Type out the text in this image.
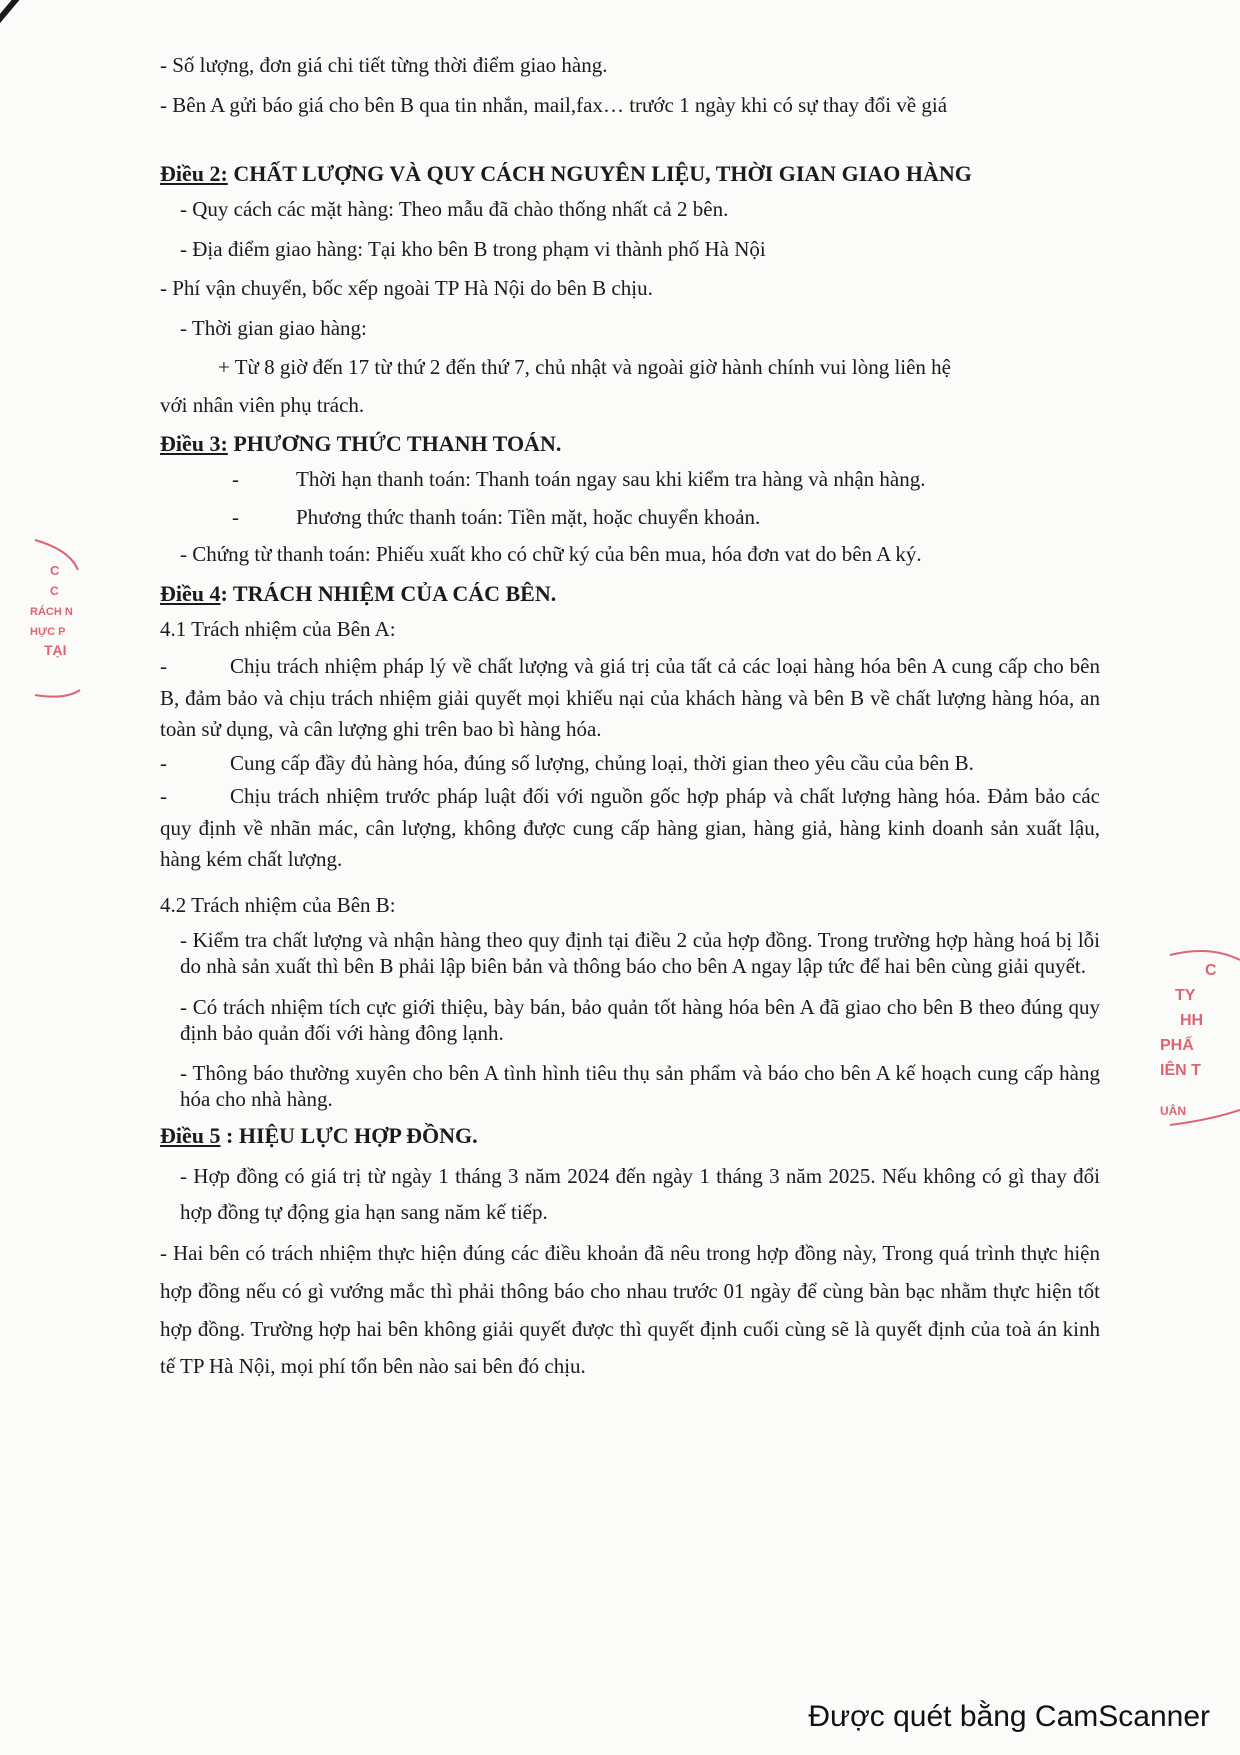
C
C
RÁCH N
HỰC P
TẠI
C
TY
HH
PHẨ
IÊN T
UÂN
- Số lượng, đơn giá chi tiết từng thời điểm giao hàng.
- Bên A gửi báo giá cho bên B qua tin nhắn, mail,fax… trước 1 ngày khi có sự thay đổi về giá
Điều 2: CHẤT LƯỢNG VÀ QUY CÁCH NGUYÊN LIỆU, THỜI GIAN GIAO HÀNG
- Quy cách các mặt hàng: Theo mẫu đã chào thống nhất cả 2 bên.
- Địa điểm giao hàng: Tại kho bên B trong phạm vi thành phố Hà Nội
- Phí vận chuyển, bốc xếp ngoài TP Hà Nội do bên B chịu.
- Thời gian giao hàng:
+ Từ 8 giờ đến 17 từ thứ 2 đến thứ 7, chủ nhật và ngoài giờ hành chính vui lòng liên hệ
với nhân viên phụ trách.
Điều 3: PHƯƠNG THỨC THANH TOÁN.
-	Thời hạn thanh toán: Thanh toán ngay sau khi kiểm tra hàng và nhận hàng.
-	Phương thức thanh toán: Tiền mặt, hoặc chuyển khoản.
- Chứng từ thanh toán: Phiếu xuất kho có chữ ký của bên mua, hóa đơn vat do bên A ký.
Điều 4: TRÁCH NHIỆM CỦA CÁC BÊN.
4.1 Trách nhiệm của Bên A:
-	Chịu trách nhiệm pháp lý về chất lượng và giá trị của tất cả các loại hàng hóa bên A cung cấp cho bên B, đảm bảo và chịu trách nhiệm giải quyết mọi khiếu nại của khách hàng và bên B về chất lượng hàng hóa, an toàn sử dụng, và cân lượng ghi trên bao bì hàng hóa.
-	Cung cấp đầy đủ hàng hóa, đúng số lượng, chủng loại, thời gian theo yêu cầu của bên B.
-	Chịu trách nhiệm trước pháp luật đối với nguồn gốc hợp pháp và chất lượng hàng hóa. Đảm bảo các quy định về nhãn mác, cân lượng, không được cung cấp hàng gian, hàng giả, hàng kinh doanh sản xuất lậu, hàng kém chất lượng.
4.2 Trách nhiệm của Bên B:
- Kiểm tra chất lượng và nhận hàng theo quy định tại điều 2 của hợp đồng. Trong trường hợp hàng hoá bị lỗi do nhà sản xuất thì bên B phải lập biên bản và thông báo cho bên A ngay lập tức để hai bên cùng giải quyết.
- Có trách nhiệm tích cực giới thiệu, bày bán, bảo quản tốt hàng hóa bên A đã giao cho bên B theo đúng quy định bảo quản đối với hàng đông lạnh.
- Thông báo thường xuyên cho bên A tình hình tiêu thụ sản phẩm và báo cho bên A kế hoạch cung cấp hàng hóa cho nhà hàng.
Điều 5 : HIỆU LỰC HỢP ĐỒNG.
- Hợp đồng có giá trị từ ngày 1 tháng 3 năm 2024 đến ngày 1 tháng 3 năm 2025. Nếu không có gì thay đổi hợp đồng tự động gia hạn sang năm kế tiếp.
- Hai bên có trách nhiệm thực hiện đúng các điều khoản đã nêu trong hợp đồng này, Trong quá trình thực hiện hợp đồng nếu có gì vướng mắc thì phải thông báo cho nhau trước 01 ngày để cùng bàn bạc nhằm thực hiện tốt hợp đồng. Trường hợp hai bên không giải quyết được thì quyết định cuối cùng sẽ là quyết định của toà án kinh tế TP Hà Nội, mọi phí tổn bên nào sai bên đó chịu.
Được quét bằng CamScanner
